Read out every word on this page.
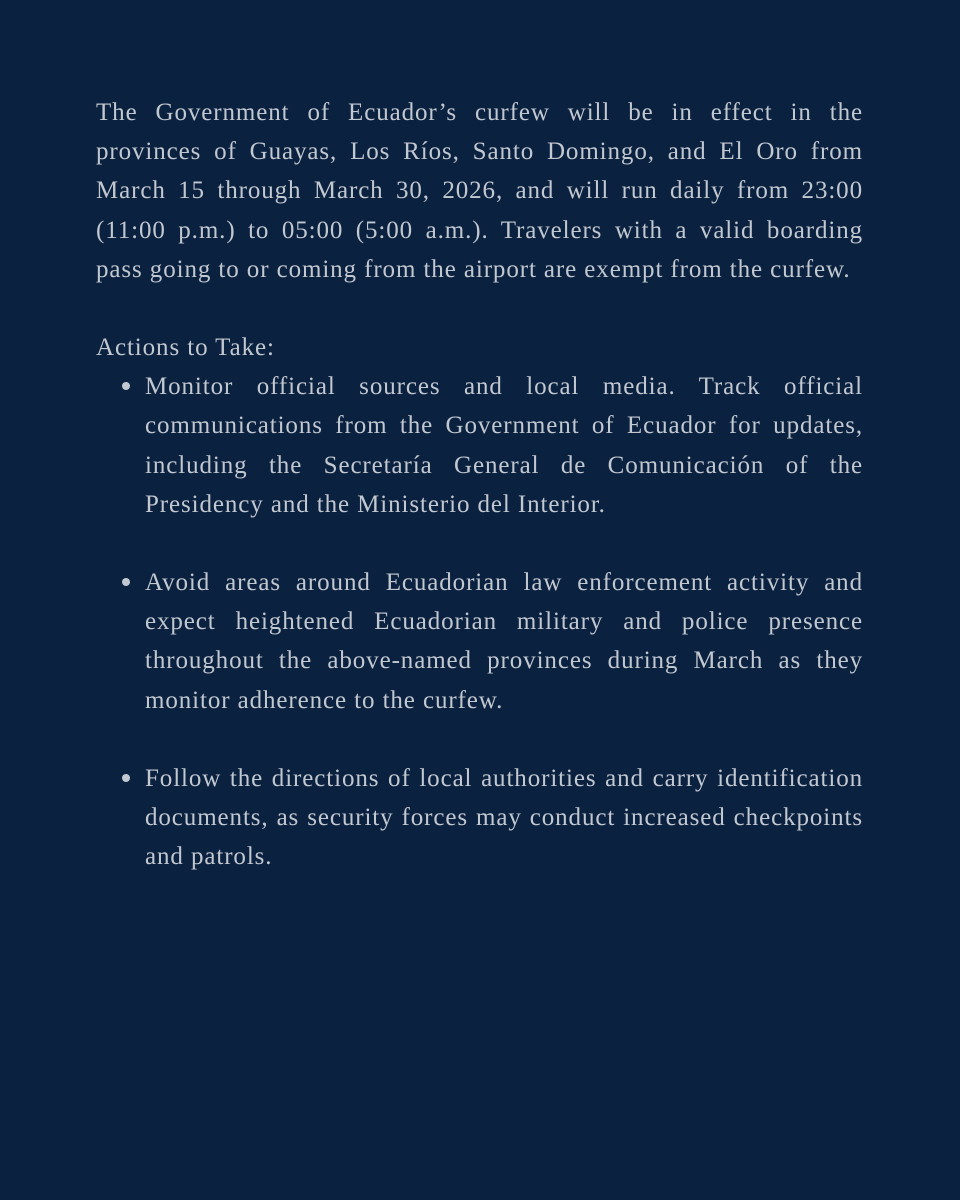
The Government of Ecuador’s curfew will be in effect in the provinces of Guayas, Los Ríos, Santo Domingo, and El Oro from March 15 through March 30, 2026, and will run daily from 23:00 (11:00 p.m.) to 05:00 (5:00 a.m.). Travelers with a valid boarding pass going to or coming from the airport are exempt from the curfew.

Actions to Take:

Monitor official sources and local media. Track official communications from the Government of Ecuador for updates, including the Secretaría General de Comunicación of the Presidency and the Ministerio del Interior.
Avoid areas around Ecuadorian law enforcement activity and expect heightened Ecuadorian military and police presence throughout the above-named provinces during March as they monitor adherence to the curfew.
Follow the directions of local authorities and carry identification documents, as security forces may conduct increased checkpoints and patrols.
